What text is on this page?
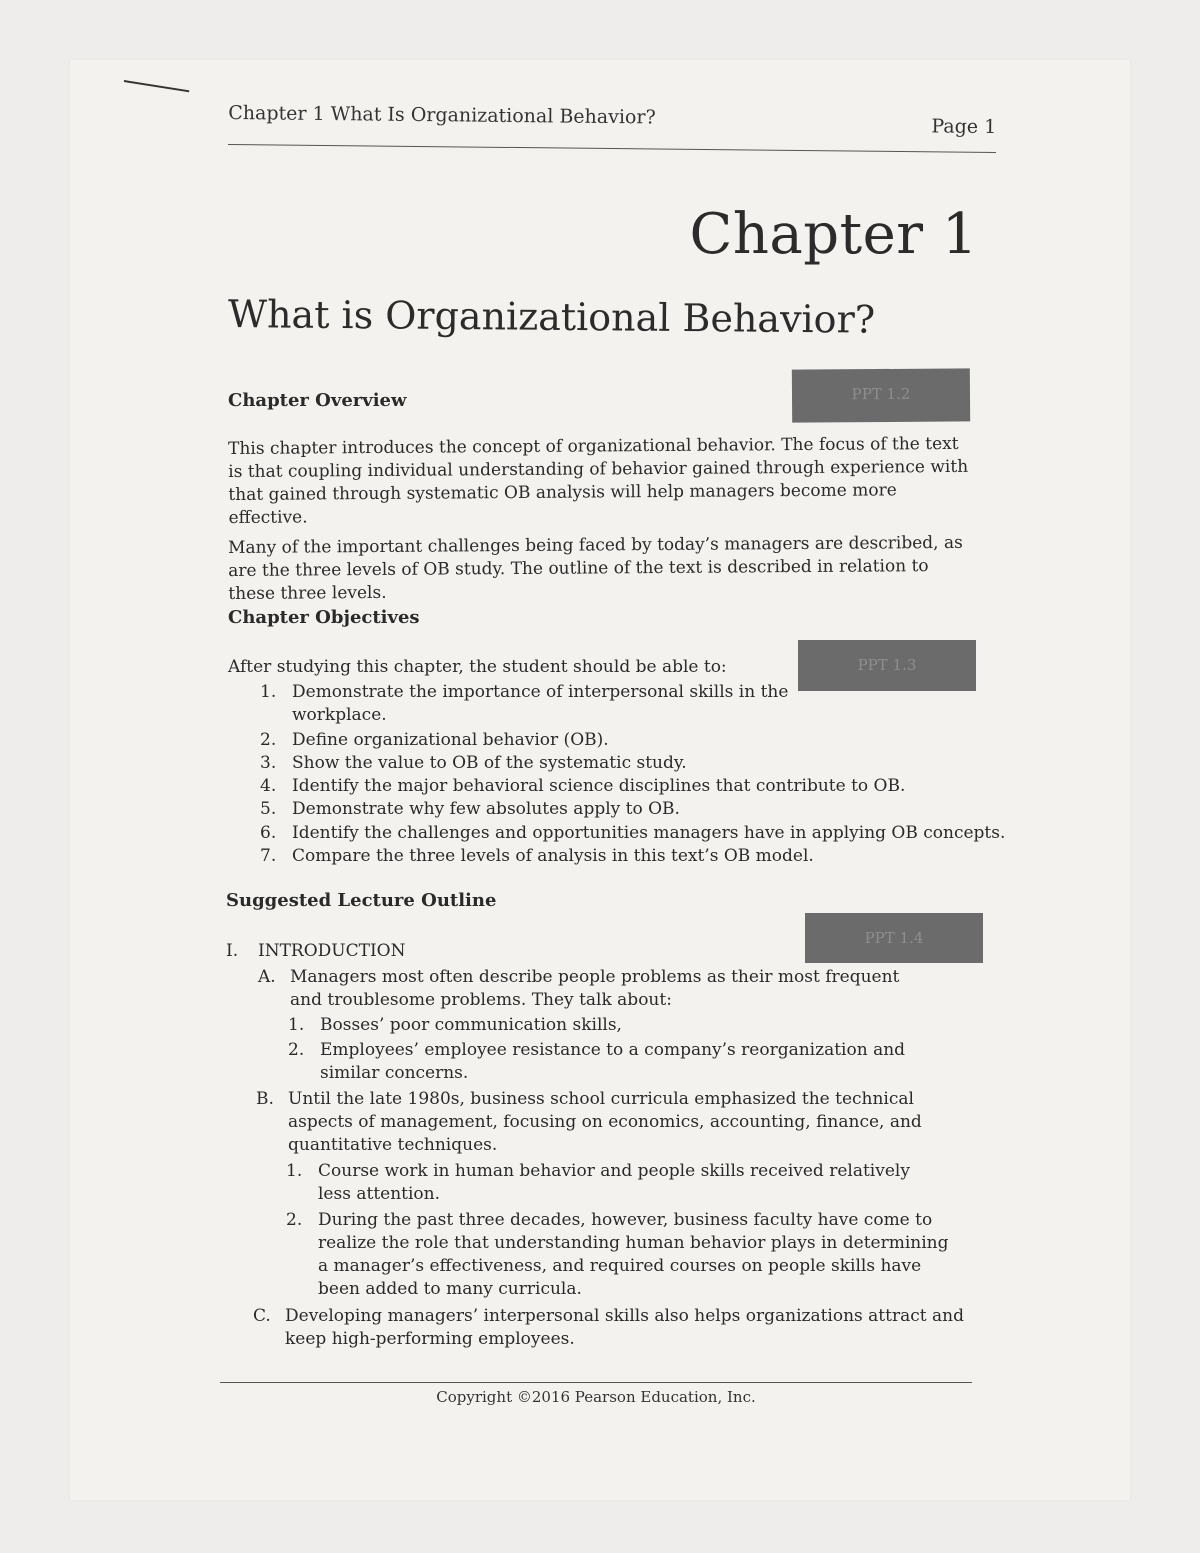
Chapter 1 What Is Organizational Behavior?	Page 1
Chapter 1
What is Organizational Behavior?
Chapter Overview	PPT 1.2
This chapter introduces the concept of organizational behavior. The focus of the text is that coupling individual understanding of behavior gained through experience with that gained through systematic OB analysis will help managers become more effective.
Many of the important challenges being faced by today’s managers are described, as are the three levels of OB study. The outline of the text is described in relation to these three levels.
Chapter Objectives
PPT 1.3
After studying this chapter, the student should be able to:
1. Demonstrate the importance of interpersonal skills in the
workplace.
2. Define organizational behavior (OB).
3. Show the value to OB of the systematic study.
4. Identify the major behavioral science disciplines that contribute to OB.
5. Demonstrate why few absolutes apply to OB.
6. Identify the challenges and opportunities managers have in applying OB concepts.
7. Compare the three levels of analysis in this text’s OB model.
Suggested Lecture Outline
PPT 1.4
I. INTRODUCTION
A. Managers most often describe people problems as their most frequent and troublesome problems. They talk about:
1. Bosses’ poor communication skills,
2. Employees’ employee resistance to a company’s reorganization and similar concerns.
B. Until the late 1980s, business school curricula emphasized the technical aspects of management, focusing on economics, accounting, finance, and quantitative techniques.
1. Course work in human behavior and people skills received relatively less attention.
2. During the past three decades, however, business faculty have come to realize the role that understanding human behavior plays in determining a manager’s effectiveness, and required courses on people skills have been added to many curricula.
C. Developing managers’ interpersonal skills also helps organizations attract and keep high-performing employees.
Copyright ©2016 Pearson Education, Inc.
